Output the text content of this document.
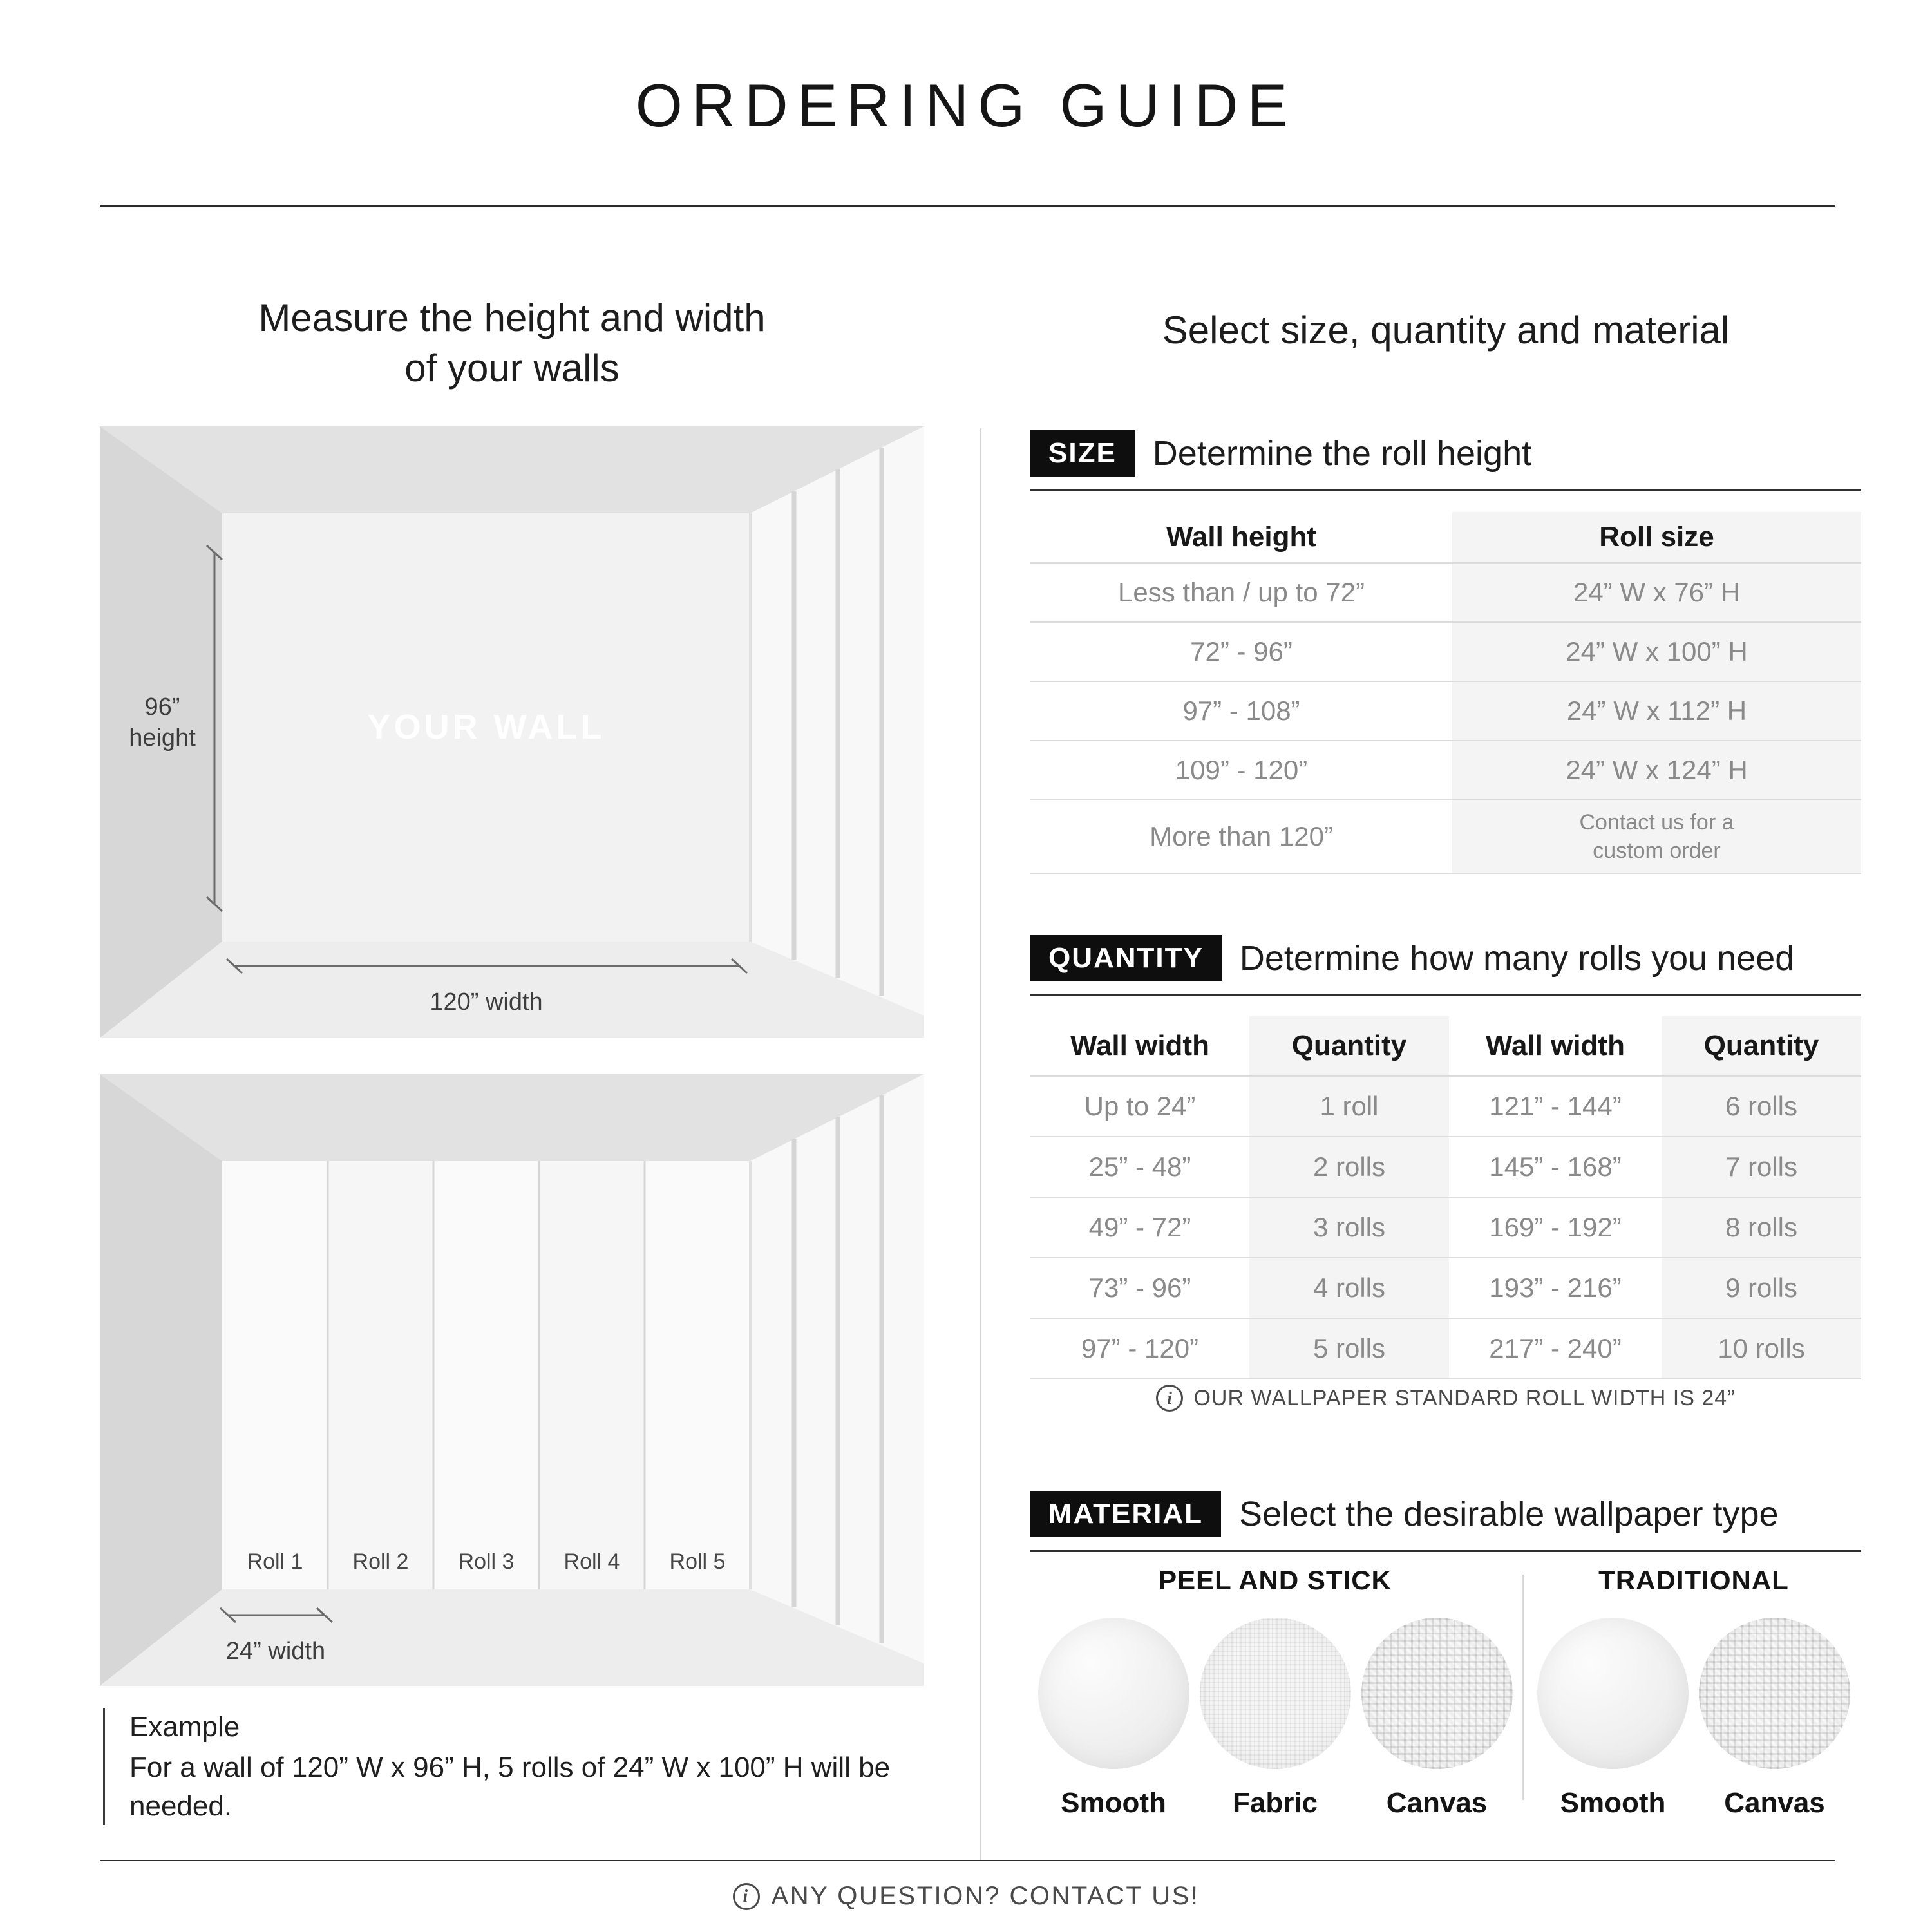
ORDERING GUIDE
Measure the height and width
of your walls
Select size, quantity and material
YOUR WALL
96”
height
120” width
Roll 1 Roll 2 Roll 3 Roll 4 Roll 5
24” width
Example
For a wall of 120” W x 96” H, 5 rolls of 24” W x 100” H will be needed.
SIZE	Determine the roll height
Wall height	Roll size
Less than / up to 72”	24” W x 76” H
72” - 96”	24” W x 100” H
97” - 108”	24” W x 112” H
109” - 120”	24” W x 124” H
More than 120”	Contact us for a custom order
QUANTITY	Determine how many rolls you need
Wall width	Quantity	Wall width	Quantity
Up to 24”	1 roll	121” - 144”	6 rolls
25” - 48”	2 rolls	145” - 168”	7 rolls
49” - 72”	3 rolls	169” - 192”	8 rolls
73” - 96”	4 rolls	193” - 216”	9 rolls
97” - 120”	5 rolls	217” - 240”	10 rolls
i OUR WALLPAPER STANDARD ROLL WIDTH IS 24”
MATERIAL	Select the desirable wallpaper type
PEEL AND STICK
Smooth Fabric Canvas
TRADITIONAL
Smooth Canvas
i ANY QUESTION? CONTACT US!
